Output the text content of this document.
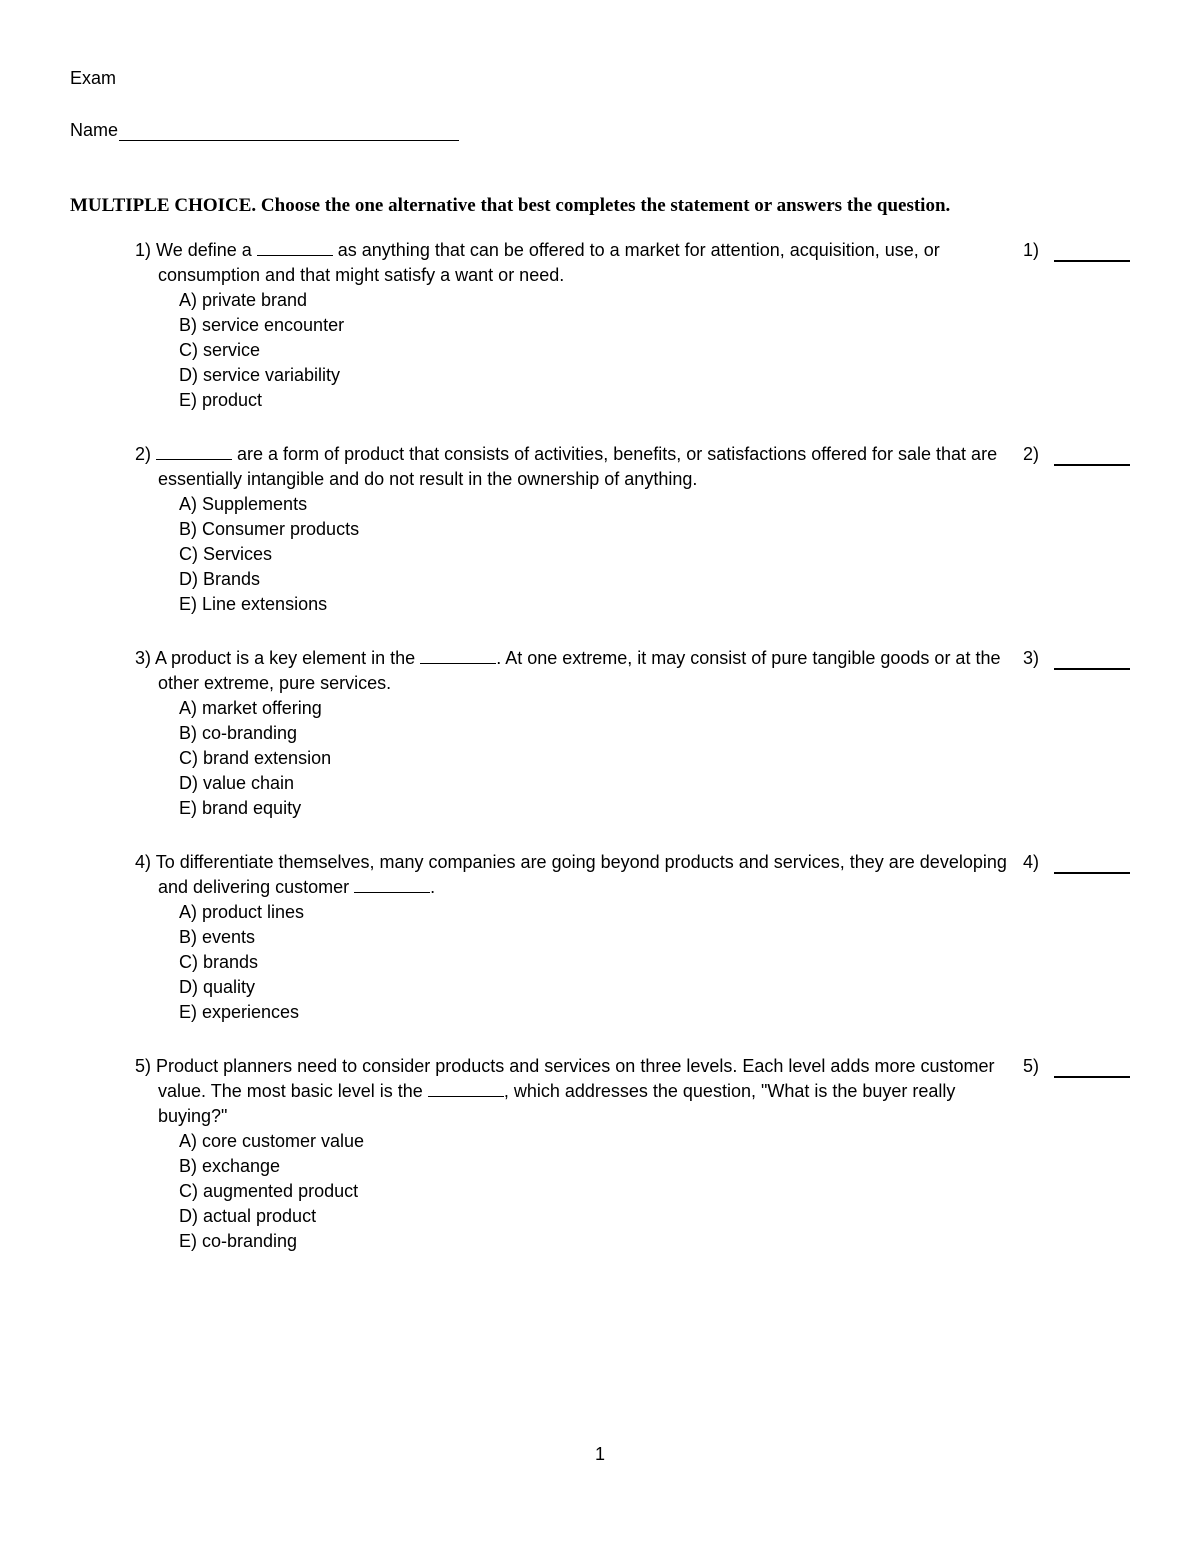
Exam
Name
MULTIPLE CHOICE. Choose the one alternative that best completes the statement or answers the question.
1) We define a	as anything that can be offered to a market for attention, acquisition, use, or consumption and that might satisfy a want or need.
A) private brand
B) service encounter
C) service
D) service variability
E) product
1)
2)	are a form of product that consists of activities, benefits, or satisfactions offered for sale that are essentially intangible and do not result in the ownership of anything.
A) Supplements
B) Consumer products
C) Services
D) Brands
E) Line extensions
2)
3) A product is a key element in the	. At one extreme, it may consist of pure tangible goods or at the other extreme, pure services.
A) market offering
B) co-branding
C) brand extension
D) value chain
E) brand equity
3)
4) To differentiate themselves, many companies are going beyond products and services, they are developing and delivering customer	.
A) product lines
B) events
C) brands
D) quality
E) experiences
4)
5) Product planners need to consider products and services on three levels. Each level adds more customer value. The most basic level is the	, which addresses the question, "What is the buyer really buying?"
A) core customer value
B) exchange
C) augmented product
D) actual product
E) co-branding
5)
1
